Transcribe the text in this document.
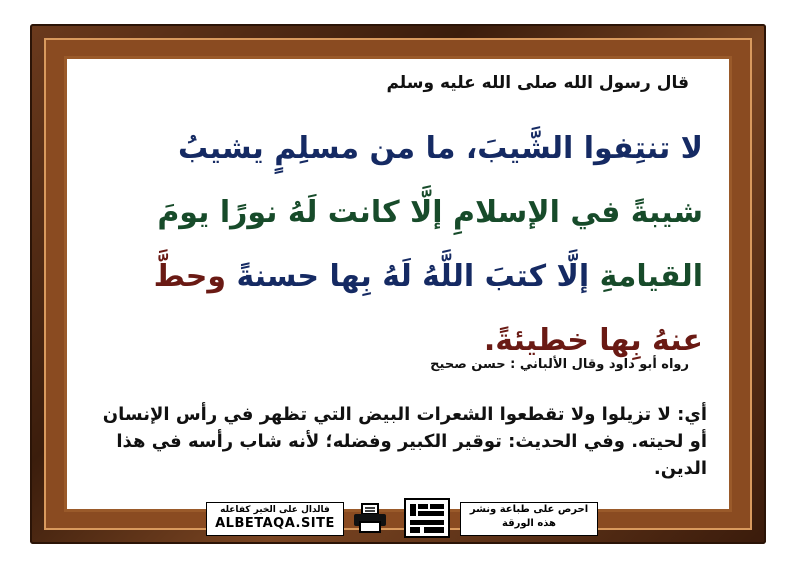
قال رسول الله صلى الله عليه وسلم
لا تنتِفوا الشَّيبَ، ما من مسلِمٍ يشيبُ
شيبةً في الإسلامِ إلَّا كانت لَهُ نورًا يومَ
القيامةِ إلَّا كتبَ اللَّهُ لَهُ بِها حسنةً وحطَّ
عنهُ بِها خطيئةً.
رواه أبو داود وقال الألباني : حسن صحيح
أي: لا تزيلوا ولا تقطعوا الشعرات البيض التي تظهر في رأس الإنسان أو لحيته. وفي الحديث: توقير الكبير وفضله؛ لأنه شاب رأسه في هذا الدين.
فالدال على الخير كفاعله
ALBETAQA.SITE
احرص على طباعة ونشر هذه الورقة
